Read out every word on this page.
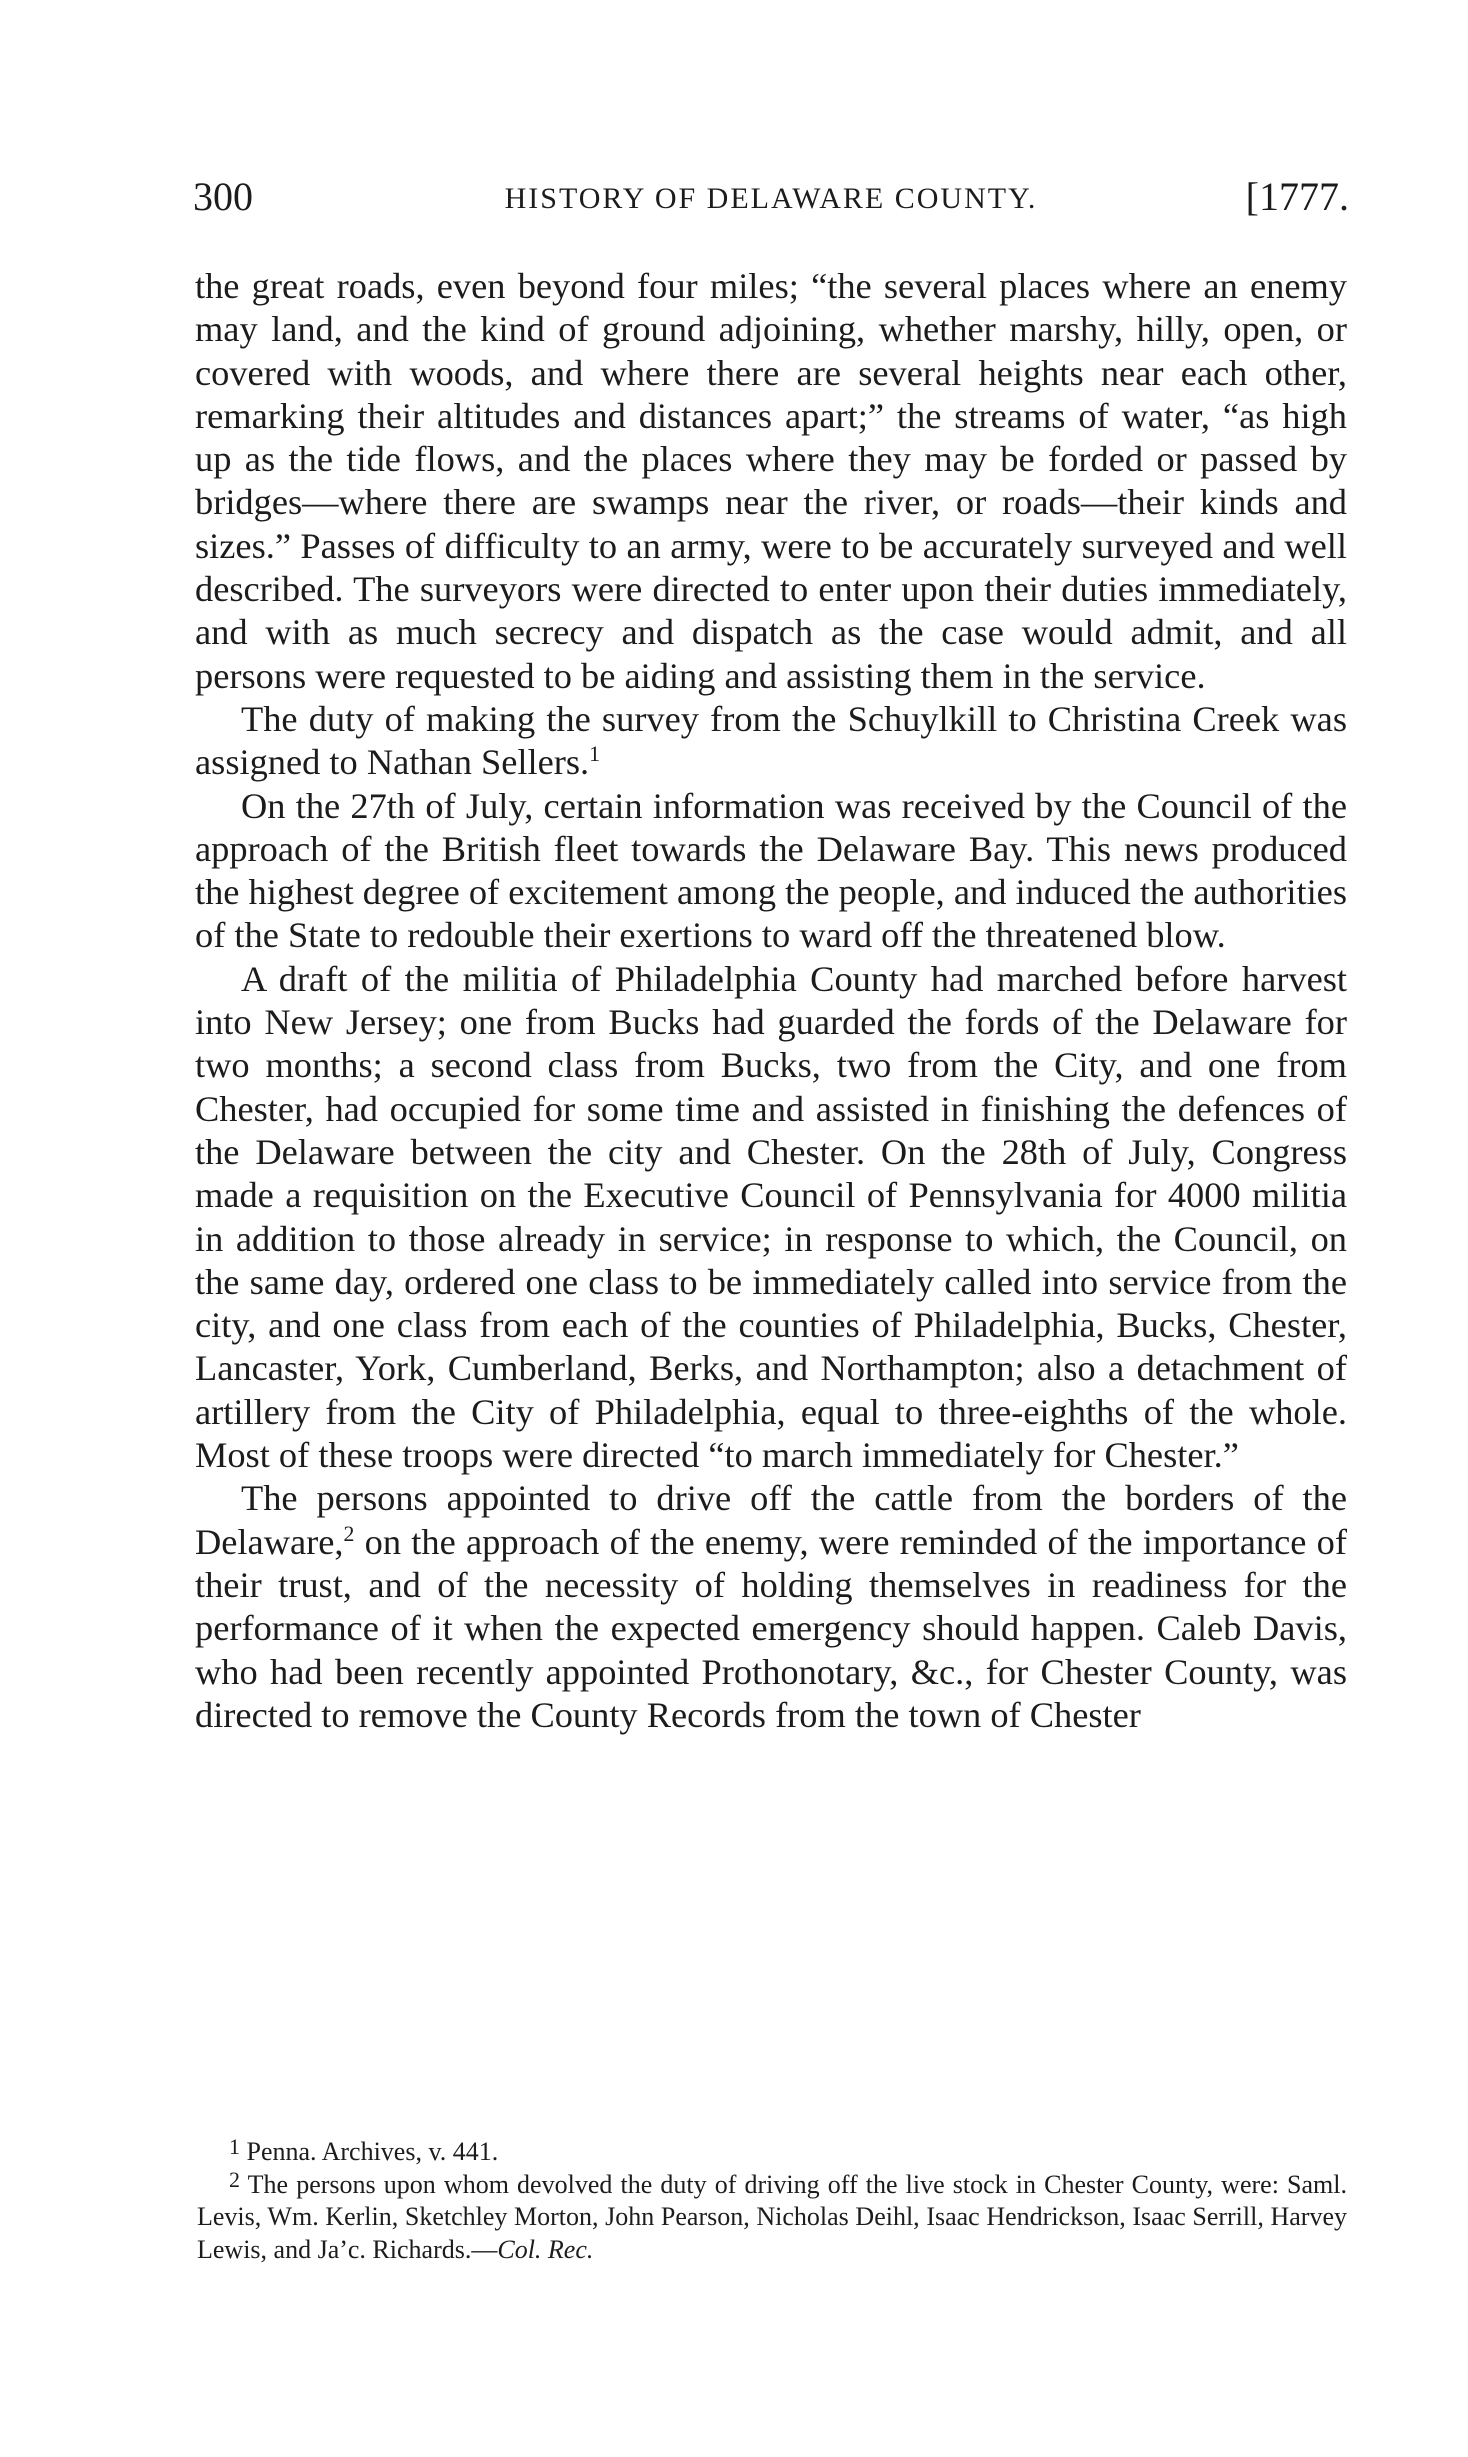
300	HISTORY OF DELAWARE COUNTY.	[1777.

the great roads, even beyond four miles; “the several places where an enemy may land, and the kind of ground adjoining, whether marshy, hilly, open, or covered with woods, and where there are several heights near each other, remarking their altitudes and distances apart;” the streams of water, “as high up as the tide flows, and the places where they may be forded or passed by bridges—where there are swamps near the river, or roads—their kinds and sizes.” Passes of difficulty to an army, were to be accurately surveyed and well described. The surveyors were directed to enter upon their duties immediately, and with as much secrecy and dispatch as the case would admit, and all persons were requested to be aiding and assisting them in the service.

The duty of making the survey from the Schuylkill to Christina Creek was assigned to Nathan Sellers.$^1$

On the 27th of July, certain information was received by the Council of the approach of the British fleet towards the Delaware Bay. This news produced the highest degree of excitement among the people, and induced the authorities of the State to redouble their exertions to ward off the threatened blow.

A draft of the militia of Philadelphia County had marched before harvest into New Jersey; one from Bucks had guarded the fords of the Delaware for two months; a second class from Bucks, two from the City, and one from Chester, had occupied for some time and assisted in finishing the defences of the Delaware between the city and Chester. On the 28th of July, Congress made a requisition on the Executive Council of Pennsylvania for 4000 militia in addition to those already in service; in response to which, the Council, on the same day, ordered one class to be immediately called into service from the city, and one class from each of the counties of Philadelphia, Bucks, Chester, Lancaster, York, Cumberland, Berks, and Northampton; also a detachment of artillery from the City of Philadelphia, equal to three-eighths of the whole. Most of these troops were directed “to march immediately for Chester.”

The persons appointed to drive off the cattle from the borders of the Delaware,$^2$ on the approach of the enemy, were reminded of the importance of their trust, and of the necessity of holding themselves in readiness for the performance of it when the expected emergency should happen. Caleb Davis, who had been recently appointed Prothonotary, &c., for Chester County, was directed to remove the County Records from the town of Chester

$^1$ Penna. Archives, v. 441.

$^2$ The persons upon whom devolved the duty of driving off the live stock in Chester County, were: Saml. Levis, Wm. Kerlin, Sketchley Morton, John Pearson, Nicholas Deihl, Isaac Hendrickson, Isaac Serrill, Harvey Lewis, and Ja’c. Richards.—Col. Rec.
